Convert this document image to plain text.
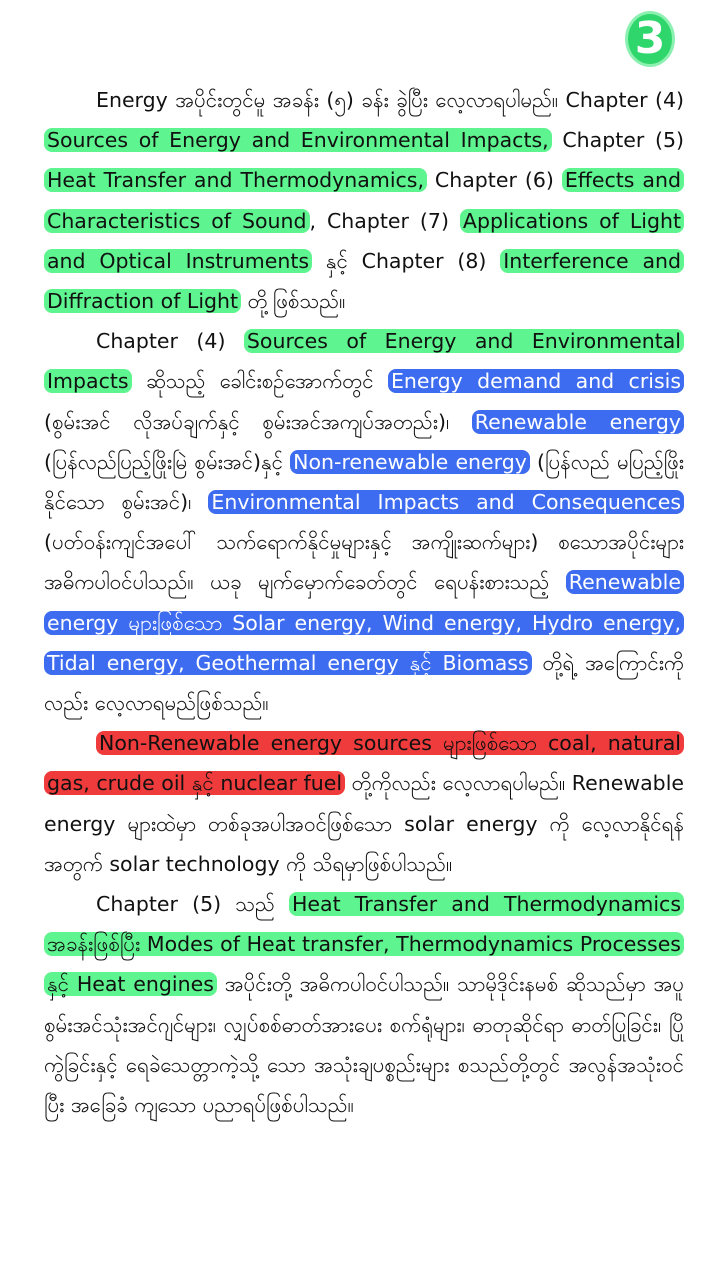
3

Energy အပိုင်းတွင်မူ အခန်း (၅) ခန်း ခွဲပြီး လေ့လာရပါမည်။ Chapter (4) Sources of Energy and Environmental Impacts, Chapter (5) Heat Transfer and Thermodynamics, Chapter (6) Effects and Characteristics of Sound , Chapter (7) Applications of Light and Optical Instruments နှင့် Chapter (8) Interference and Diffraction of Light တို့ဖြစ်သည်။

Chapter (4) Sources of Energy and Environmental Impacts ဆိုသည့် ခေါင်းစဉ်အောက်တွင် Energy demand and crisis (စွမ်းအင် လိုအပ်ချက်နှင့် စွမ်းအင်အကျပ်အတည်း)၊ Renewable energy (ပြန်လည်ပြည့်ဖြိုးမြဲ စွမ်းအင်)နှင့် Non-renewable energy (ပြန်လည် မပြည့်ဖြိုးနိုင်သော စွမ်းအင်)၊ Environmental Impacts and Consequences (ပတ်ဝန်းကျင်အပေါ် သက်ရောက်နိုင်မှုများနှင့် အကျိုးဆက်များ) စသောအပိုင်းများ အဓိကပါဝင်ပါသည်။ ယခု မျက်မှောက်ခေတ်တွင် ရေပန်းစားသည့် Renewable energy များဖြစ်သော Solar energy, Wind energy, Hydro energy, Tidal energy, Geothermal energy နှင့် Biomass တို့ရဲ့ အကြောင်းကိုလည်း လေ့လာရမည်ဖြစ်သည်။

Non-Renewable energy sources များဖြစ်သော coal, natural gas, crude oil နှင့် nuclear fuel တို့ကိုလည်း လေ့လာရပါမည်။ Renewable energy များထဲမှာ တစ်ခုအပါအဝင်ဖြစ်သော solar energy ကို လေ့လာနိုင်ရန်အတွက် solar technology ကို သိရမှာဖြစ်ပါသည်။

Chapter (5) သည် Heat Transfer and Thermodynamics အခန်းဖြစ်ပြီး Modes of Heat transfer, Thermodynamics Processes နှင့် Heat engines အပိုင်းတို့ အဓိကပါဝင်ပါသည်။ သာမိုဒိုင်းနမစ် ဆိုသည်မှာ အပူစွမ်းအင်သုံးအင်ဂျင်များ၊ လျှပ်စစ်ဓာတ်အားပေး စက်ရုံများ၊ ဓာတုဆိုင်ရာ ဓာတ်ပြုခြင်း၊ ပြိုကွဲခြင်းနှင့် ရေခဲသေတ္တာကဲ့သို့ သော အသုံးချပစ္စည်းများ စသည်တို့တွင် အလွန်အသုံးဝင်ပြီး အခြေခံ ကျသော ပညာရပ်ဖြစ်ပါသည်။
